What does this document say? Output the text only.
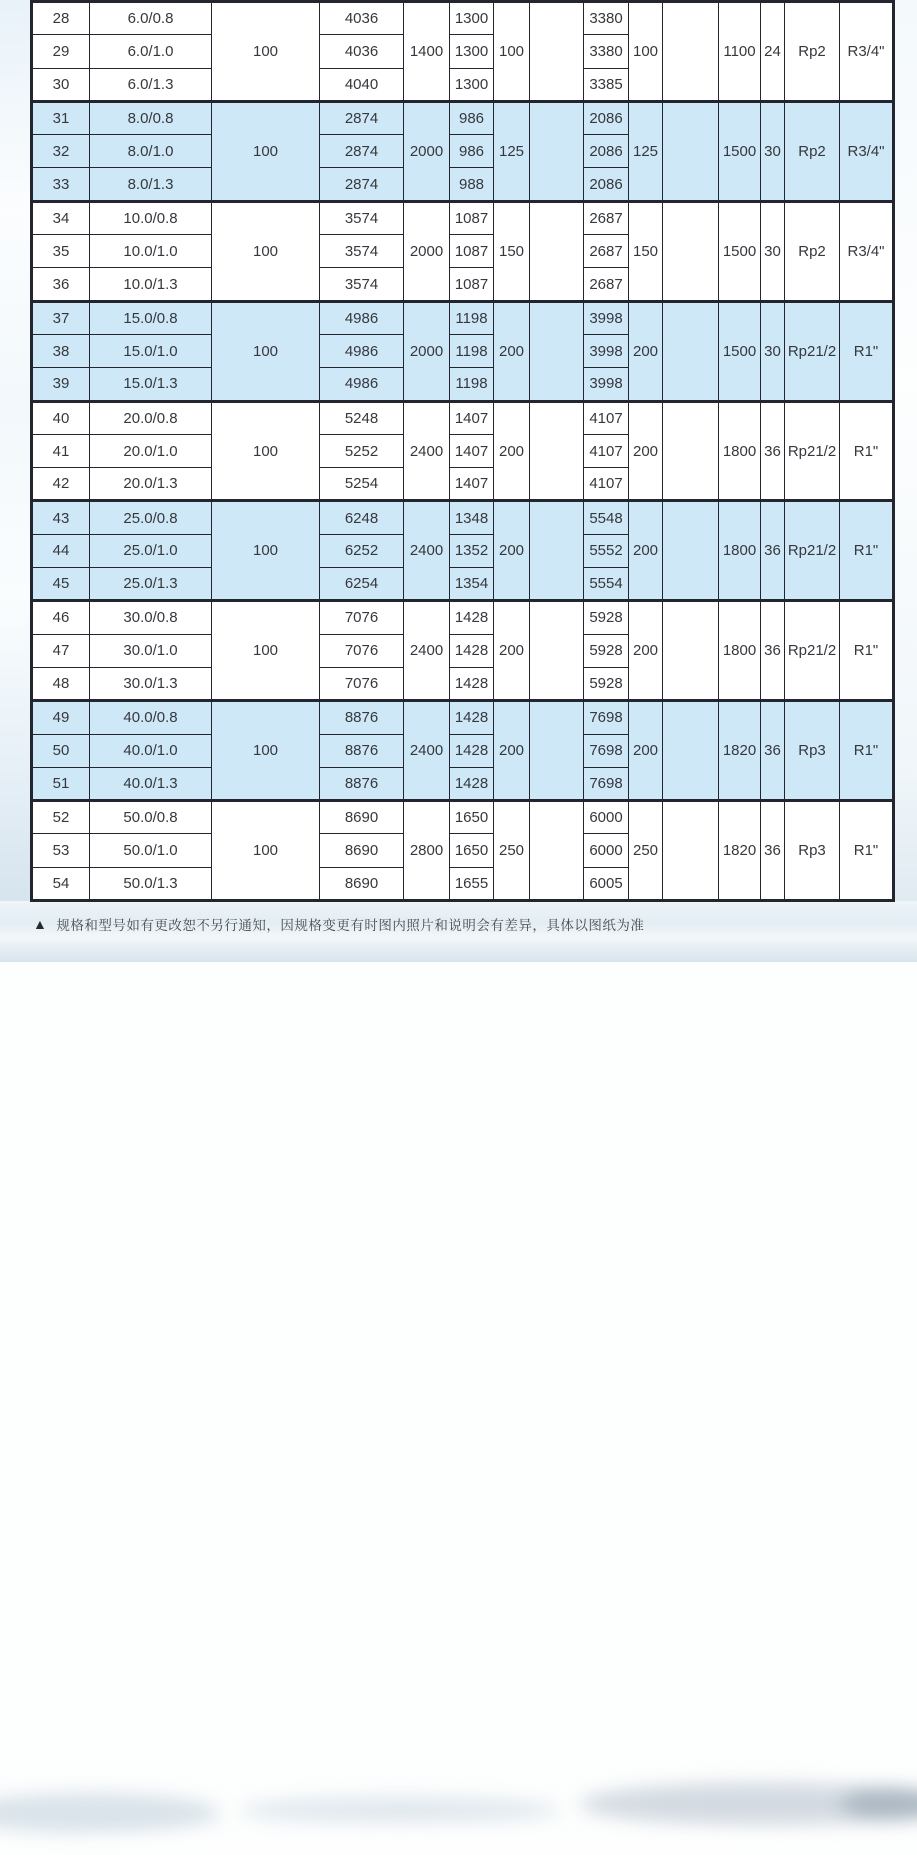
28	6.0/0.8	100	4036	1400	1300	100		3380	100		1100	24	Rp2	R3/4"
29	6.0/1.0		4036		1300			3380						
30	6.0/1.3		4040		1300			3385						
31	8.0/0.8	100	2874	2000	986	125		2086	125		1500	30	Rp2	R3/4"
32	8.0/1.0		2874		986			2086						
33	8.0/1.3		2874		988			2086						
34	10.0/0.8	100	3574	2000	1087	150		2687	150		1500	30	Rp2	R3/4"
35	10.0/1.0		3574		1087			2687						
36	10.0/1.3		3574		1087			2687						
37	15.0/0.8	100	4986	2000	1198	200		3998	200		1500	30	Rp21/2	R1"
38	15.0/1.0		4986		1198			3998						
39	15.0/1.3		4986		1198			3998						
40	20.0/0.8	100	5248	2400	1407	200		4107	200		1800	36	Rp21/2	R1"
41	20.0/1.0		5252		1407			4107						
42	20.0/1.3		5254		1407			4107						
43	25.0/0.8	100	6248	2400	1348	200		5548	200		1800	36	Rp21/2	R1"
44	25.0/1.0		6252		1352			5552						
45	25.0/1.3		6254		1354			5554						
46	30.0/0.8	100	7076	2400	1428	200		5928	200		1800	36	Rp21/2	R1"
47	30.0/1.0		7076		1428			5928						
48	30.0/1.3		7076		1428			5928						
49	40.0/0.8	100	8876	2400	1428	200		7698	200		1820	36	Rp3	R1"
50	40.0/1.0		8876		1428			7698						
51	40.0/1.3		8876		1428			7698						
52	50.0/0.8	100	8690	2800	1650	250		6000	250		1820	36	Rp3	R1"
53	50.0/1.0		8690		1650			6000						
54	50.0/1.3		8690		1655			6005						
▲ 规格和型号如有更改恕不另行通知，因规格变更有时图内照片和说明会有差异，具体以图纸为准
